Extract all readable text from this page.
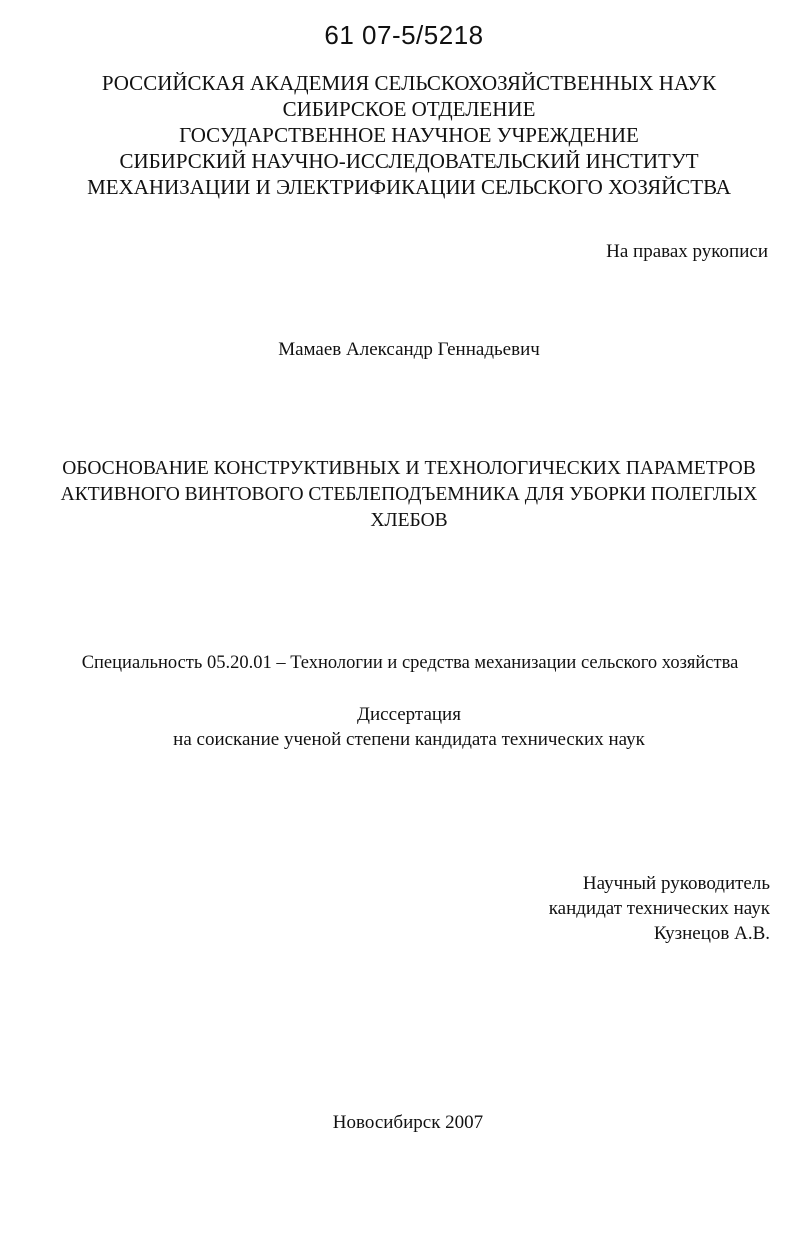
61 07-5/5218
РОССИЙСКАЯ АКАДЕМИЯ СЕЛЬСКОХОЗЯЙСТВЕННЫХ НАУК
СИБИРСКОЕ ОТДЕЛЕНИЕ
ГОСУДАРСТВЕННОЕ НАУЧНОЕ УЧРЕЖДЕНИЕ
СИБИРСКИЙ НАУЧНО-ИССЛЕДОВАТЕЛЬСКИЙ ИНСТИТУТ
МЕХАНИЗАЦИИ И ЭЛЕКТРИФИКАЦИИ СЕЛЬСКОГО ХОЗЯЙСТВА
На правах рукописи
Мамаев Александр Геннадьевич
ОБОСНОВАНИЕ КОНСТРУКТИВНЫХ И ТЕХНОЛОГИЧЕСКИХ ПАРАМЕТРОВ
АКТИВНОГО ВИНТОВОГО СТЕБЛЕПОДЪЕМНИКА ДЛЯ УБОРКИ ПОЛЕГЛЫХ
ХЛЕБОВ
Специальность 05.20.01 – Технологии и средства механизации сельского хозяйства
Диссертация
на соискание ученой степени кандидата технических наук
Научный руководитель
кандидат технических наук
Кузнецов А.В.
Новосибирск 2007
